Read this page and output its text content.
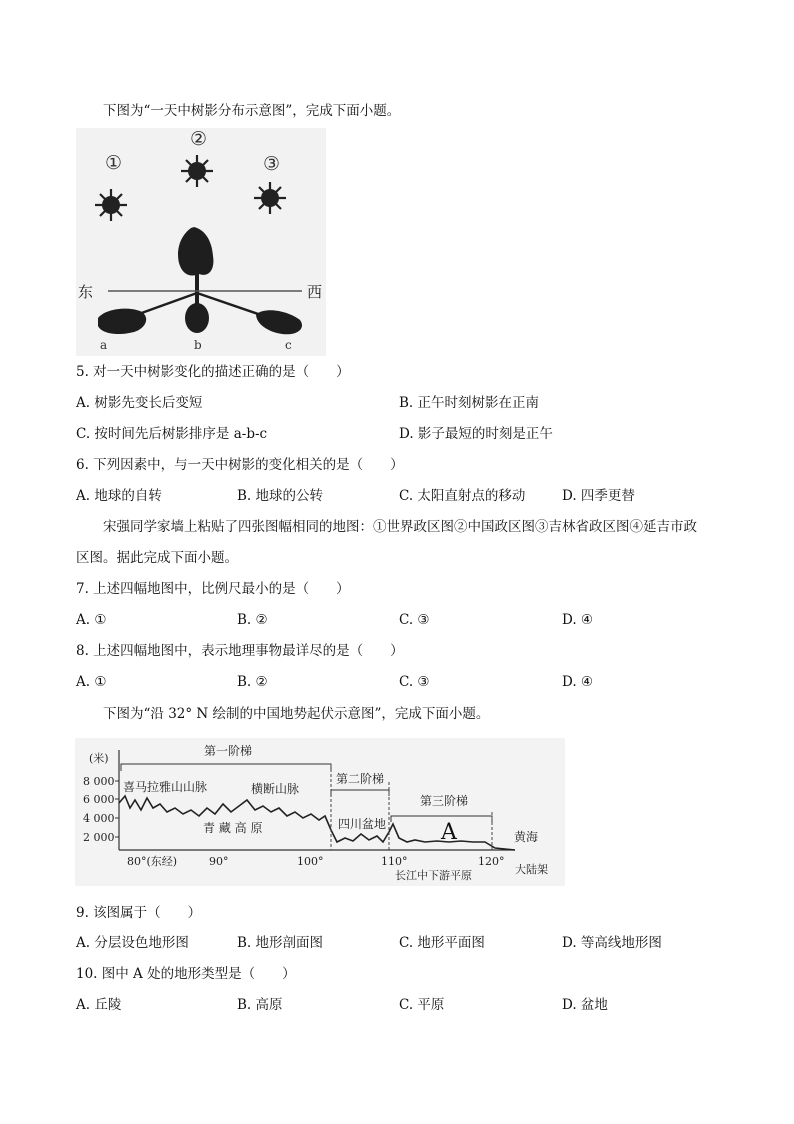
下图为“一天中树影分布示意图”，完成下面小题。
①
②
③
东	西
a	b	c
5. 对一天中树影变化的描述正确的是（　　）
A. 树影先变长后变短	B. 正午时刻树影在正南
C. 按时间先后树影排序是 a-b-c	D. 影子最短的时刻是正午
6. 下列因素中，与一天中树影的变化相关的是（　　）
A. 地球的自转	B. 地球的公转	C. 太阳直射点的移动	D. 四季更替
宋强同学家墙上粘贴了四张图幅相同的地图：①世界政区图②中国政区图③吉林省政区图④延吉市政
区图。据此完成下面小题。
7. 上述四幅地图中，比例尺最小的是（　　）
A. ①	B. ②	C. ③	D. ④
8. 上述四幅地图中，表示地理事物最详尽的是（　　）
A. ①	B. ②	C. ③	D. ④
下图为“沿 32° N 绘制的中国地势起伏示意图”，完成下面小题。
(米)
8 000
6 000
4 000
2 000
第一阶梯
第二阶梯
第三阶梯
喜马拉雅山山脉	横断山脉
青 藏 高 原	四川盆地 A	黄海
80°(东经)	90°	100°	110°	120°
长江中下游平原	大陆架
9. 该图属于（　　）
A. 分层设色地形图	B. 地形剖面图	C. 地形平面图	D. 等高线地形图
10. 图中 A 处的地形类型是（　　）
A. 丘陵	B. 高原	C. 平原	D. 盆地
